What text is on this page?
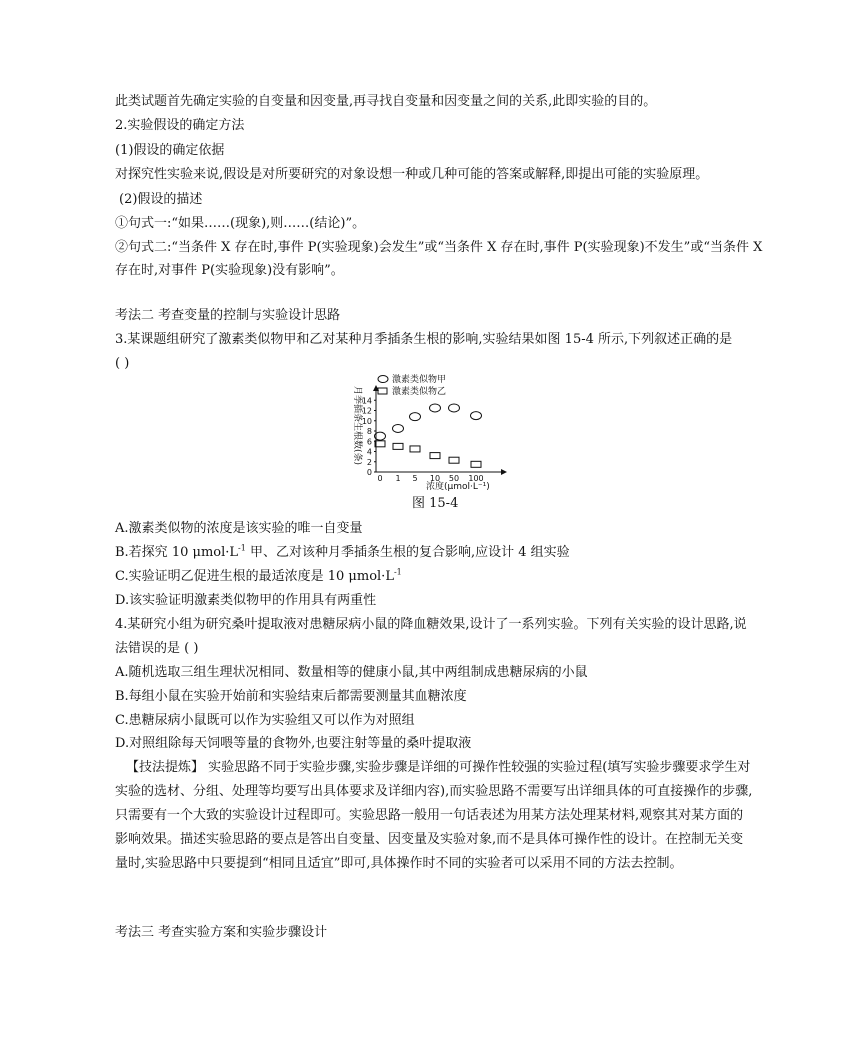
此类试题首先确定实验的自变量和因变量,再寻找自变量和因变量之间的关系,此即实验的目的。
2.实验假设的确定方法
(1)假设的确定依据
对探究性实验来说,假设是对所要研究的对象设想一种或几种可能的答案或解释,即提出可能的实验原理。
(2)假设的描述
①句式一:“如果……(现象),则……(结论)”。
②句式二:“当条件 X 存在时,事件 P(实验现象)会发生”或“当条件 X 存在时,事件 P(实验现象)不发生”或“当条件 X
存在时,对事件 P(实验现象)没有影响”。
考法二 考查变量的控制与实验设计思路
3.某课题组研究了激素类似物甲和乙对某种月季插条生根的影响,实验结果如图 15-4 所示,下列叙述正确的是
( )
激素类似物甲
激素类似物乙
月季插条生根数(条)
0
2
4
6
8
10
12
14
0 1 5 10 50 100
浓度(μmol·L⁻¹)
图 15-4
A.激素类似物的浓度是该实验的唯一自变量
B.若探究 10 $\mu mol\cdot L^{-1}$ 甲、乙对该种月季插条生根的复合影响,应设计 4 组实验
C.实验证明乙促进生根的最适浓度是 10 $\mu mol\cdot L^{-1}$
D.该实验证明激素类似物甲的作用具有两重性
4.某研究小组为研究桑叶提取液对患糖尿病小鼠的降血糖效果,设计了一系列实验。下列有关实验的设计思路,说
法错误的是 ( )
A.随机选取三组生理状况相同、数量相等的健康小鼠,其中两组制成患糖尿病的小鼠
B.每组小鼠在实验开始前和实验结束后都需要测量其血糖浓度
C.患糖尿病小鼠既可以作为实验组又可以作为对照组
D.对照组除每天饲喂等量的食物外,也要注射等量的桑叶提取液
【技法提炼】 实验思路不同于实验步骤,实验步骤是详细的可操作性较强的实验过程(填写实验步骤要求学生对
实验的选材、分组、处理等均要写出具体要求及详细内容),而实验思路不需要写出详细具体的可直接操作的步骤,
只需要有一个大致的实验设计过程即可。实验思路一般用一句话表述为用某方法处理某材料,观察其对某方面的
影响效果。描述实验思路的要点是答出自变量、因变量及实验对象,而不是具体可操作性的设计。在控制无关变
量时,实验思路中只要提到“相同且适宜”即可,具体操作时不同的实验者可以采用不同的方法去控制。
考法三 考查实验方案和实验步骤设计
